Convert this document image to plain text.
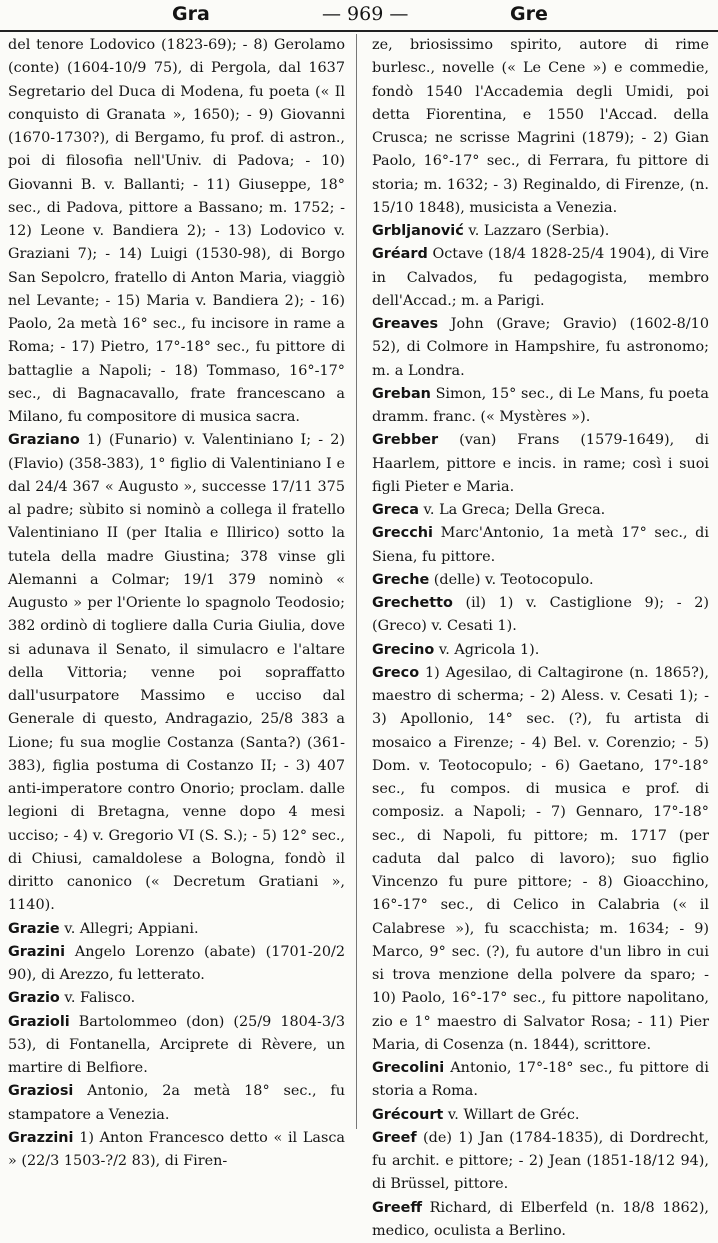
Gra	— 969 —	Gre

del tenore Lodovico (1823-69); - 8) Gerolamo (conte) (1604-10/9 75), di Pergola, dal 1637 Segretario del Duca di Modena, fu poeta (« Il conquisto di Granata », 1650); - 9) Giovanni (1670-1730?), di Bergamo, fu prof. di astron., poi di filosofia nell'Univ. di Padova; - 10) Giovanni B. v. Ballanti; - 11) Giuseppe, 18° sec., di Padova, pittore a Bassano; m. 1752; - 12) Leone v. Bandiera 2); - 13) Lodovico v. Graziani 7); - 14) Luigi (1530-98), di Borgo San Sepolcro, fratello di Anton Maria, viaggiò nel Levante; - 15) Maria v. Bandiera 2); - 16) Paolo, 2a metà 16° sec., fu incisore in rame a Roma; - 17) Pietro, 17°-18° sec., fu pittore di battaglie a Napoli; - 18) Tommaso, 16°-17° sec., di Bagnacavallo, frate francescano a Milano, fu compositore di musica sacra.

Graziano 1) (Funario) v. Valentiniano I; - 2) (Flavio) (358-383), 1° figlio di Valentiniano I e dal 24/4 367 « Augusto », successe 17/11 375 al padre; sùbito si nominò a collega il fratello Valentiniano II (per Italia e Illirico) sotto la tutela della madre Giustina; 378 vinse gli Alemanni a Colmar; 19/1 379 nominò « Augusto » per l'Oriente lo spagnolo Teodosio; 382 ordinò di togliere dalla Curia Giulia, dove si adunava il Senato, il simulacro e l'altare della Vittoria; venne poi sopraffatto dall'usurpatore Massimo e ucciso dal Generale di questo, Andragazio, 25/8 383 a Lione; fu sua moglie Costanza (Santa?) (361-383), figlia postuma di Costanzo II; - 3) 407 anti-imperatore contro Onorio; proclam. dalle legioni di Bretagna, venne dopo 4 mesi ucciso; - 4) v. Gregorio VI (S. S.); - 5) 12° sec., di Chiusi, camaldolese a Bologna, fondò il diritto canonico (« Decretum Gratiani », 1140).

Grazie v. Allegri; Appiani.

Grazini Angelo Lorenzo (abate) (1701-20/2 90), di Arezzo, fu letterato.

Grazio v. Falisco.

Grazioli Bartolommeo (don) (25/9 1804-3/3 53), di Fontanella, Arciprete di Rèvere, un martire di Belfiore.

Graziosi Antonio, 2a metà 18° sec., fu stampatore a Venezia.

Grazzini 1) Anton Francesco detto « il Lasca » (22/3 1503-?/2 83), di Firen-

ze, briosissimo spirito, autore di rime burlesc., novelle (« Le Cene ») e commedie, fondò 1540 l'Accademia degli Umidi, poi detta Fiorentina, e 1550 l'Accad. della Crusca; ne scrisse Magrini (1879); - 2) Gian Paolo, 16°-17° sec., di Ferrara, fu pittore di storia; m. 1632; - 3) Reginaldo, di Firenze, (n. 15/10 1848), musicista a Venezia.

Grbljanović v. Lazzaro (Serbia).

Gréard Octave (18/4 1828-25/4 1904), di Vire in Calvados, fu pedagogista, membro dell'Accad.; m. a Parigi.

Greaves John (Grave; Gravio) (1602-8/10 52), di Colmore in Hampshire, fu astronomo; m. a Londra.

Greban Simon, 15° sec., di Le Mans, fu poeta dramm. franc. (« Mystères »).

Grebber (van) Frans (1579-1649), di Haarlem, pittore e incis. in rame; così i suoi figli Pieter e Maria.

Greca v. La Greca; Della Greca.

Grecchi Marc'Antonio, 1a metà 17° sec., di Siena, fu pittore.

Greche (delle) v. Teotocopulo.

Grechetto (il) 1) v. Castiglione 9); - 2) (Greco) v. Cesati 1).

Grecino v. Agricola 1).

Greco 1) Agesilao, di Caltagirone (n. 1865?), maestro di scherma; - 2) Aless. v. Cesati 1); - 3) Apollonio, 14° sec. (?), fu artista di mosaico a Firenze; - 4) Bel. v. Corenzio; - 5) Dom. v. Teotocopulo; - 6) Gaetano, 17°-18° sec., fu compos. di musica e prof. di composiz. a Napoli; - 7) Gennaro, 17°-18° sec., di Napoli, fu pittore; m. 1717 (per caduta dal palco di lavoro); suo figlio Vincenzo fu pure pittore; - 8) Gioacchino, 16°-17° sec., di Celico in Calabria (« il Calabrese »), fu scacchista; m. 1634; - 9) Marco, 9° sec. (?), fu autore d'un libro in cui si trova menzione della polvere da sparo; - 10) Paolo, 16°-17° sec., fu pittore napolitano, zio e 1° maestro di Salvator Rosa; - 11) Pier Maria, di Cosenza (n. 1844), scrittore.

Grecolini Antonio, 17°-18° sec., fu pittore di storia a Roma.

Grécourt v. Willart de Gréc.

Greef (de) 1) Jan (1784-1835), di Dordrecht, fu archit. e pittore; - 2) Jean (1851-18/12 94), di Brüssel, pittore.

Greeff Richard, di Elberfeld (n. 18/8 1862), medico, oculista a Berlino.
